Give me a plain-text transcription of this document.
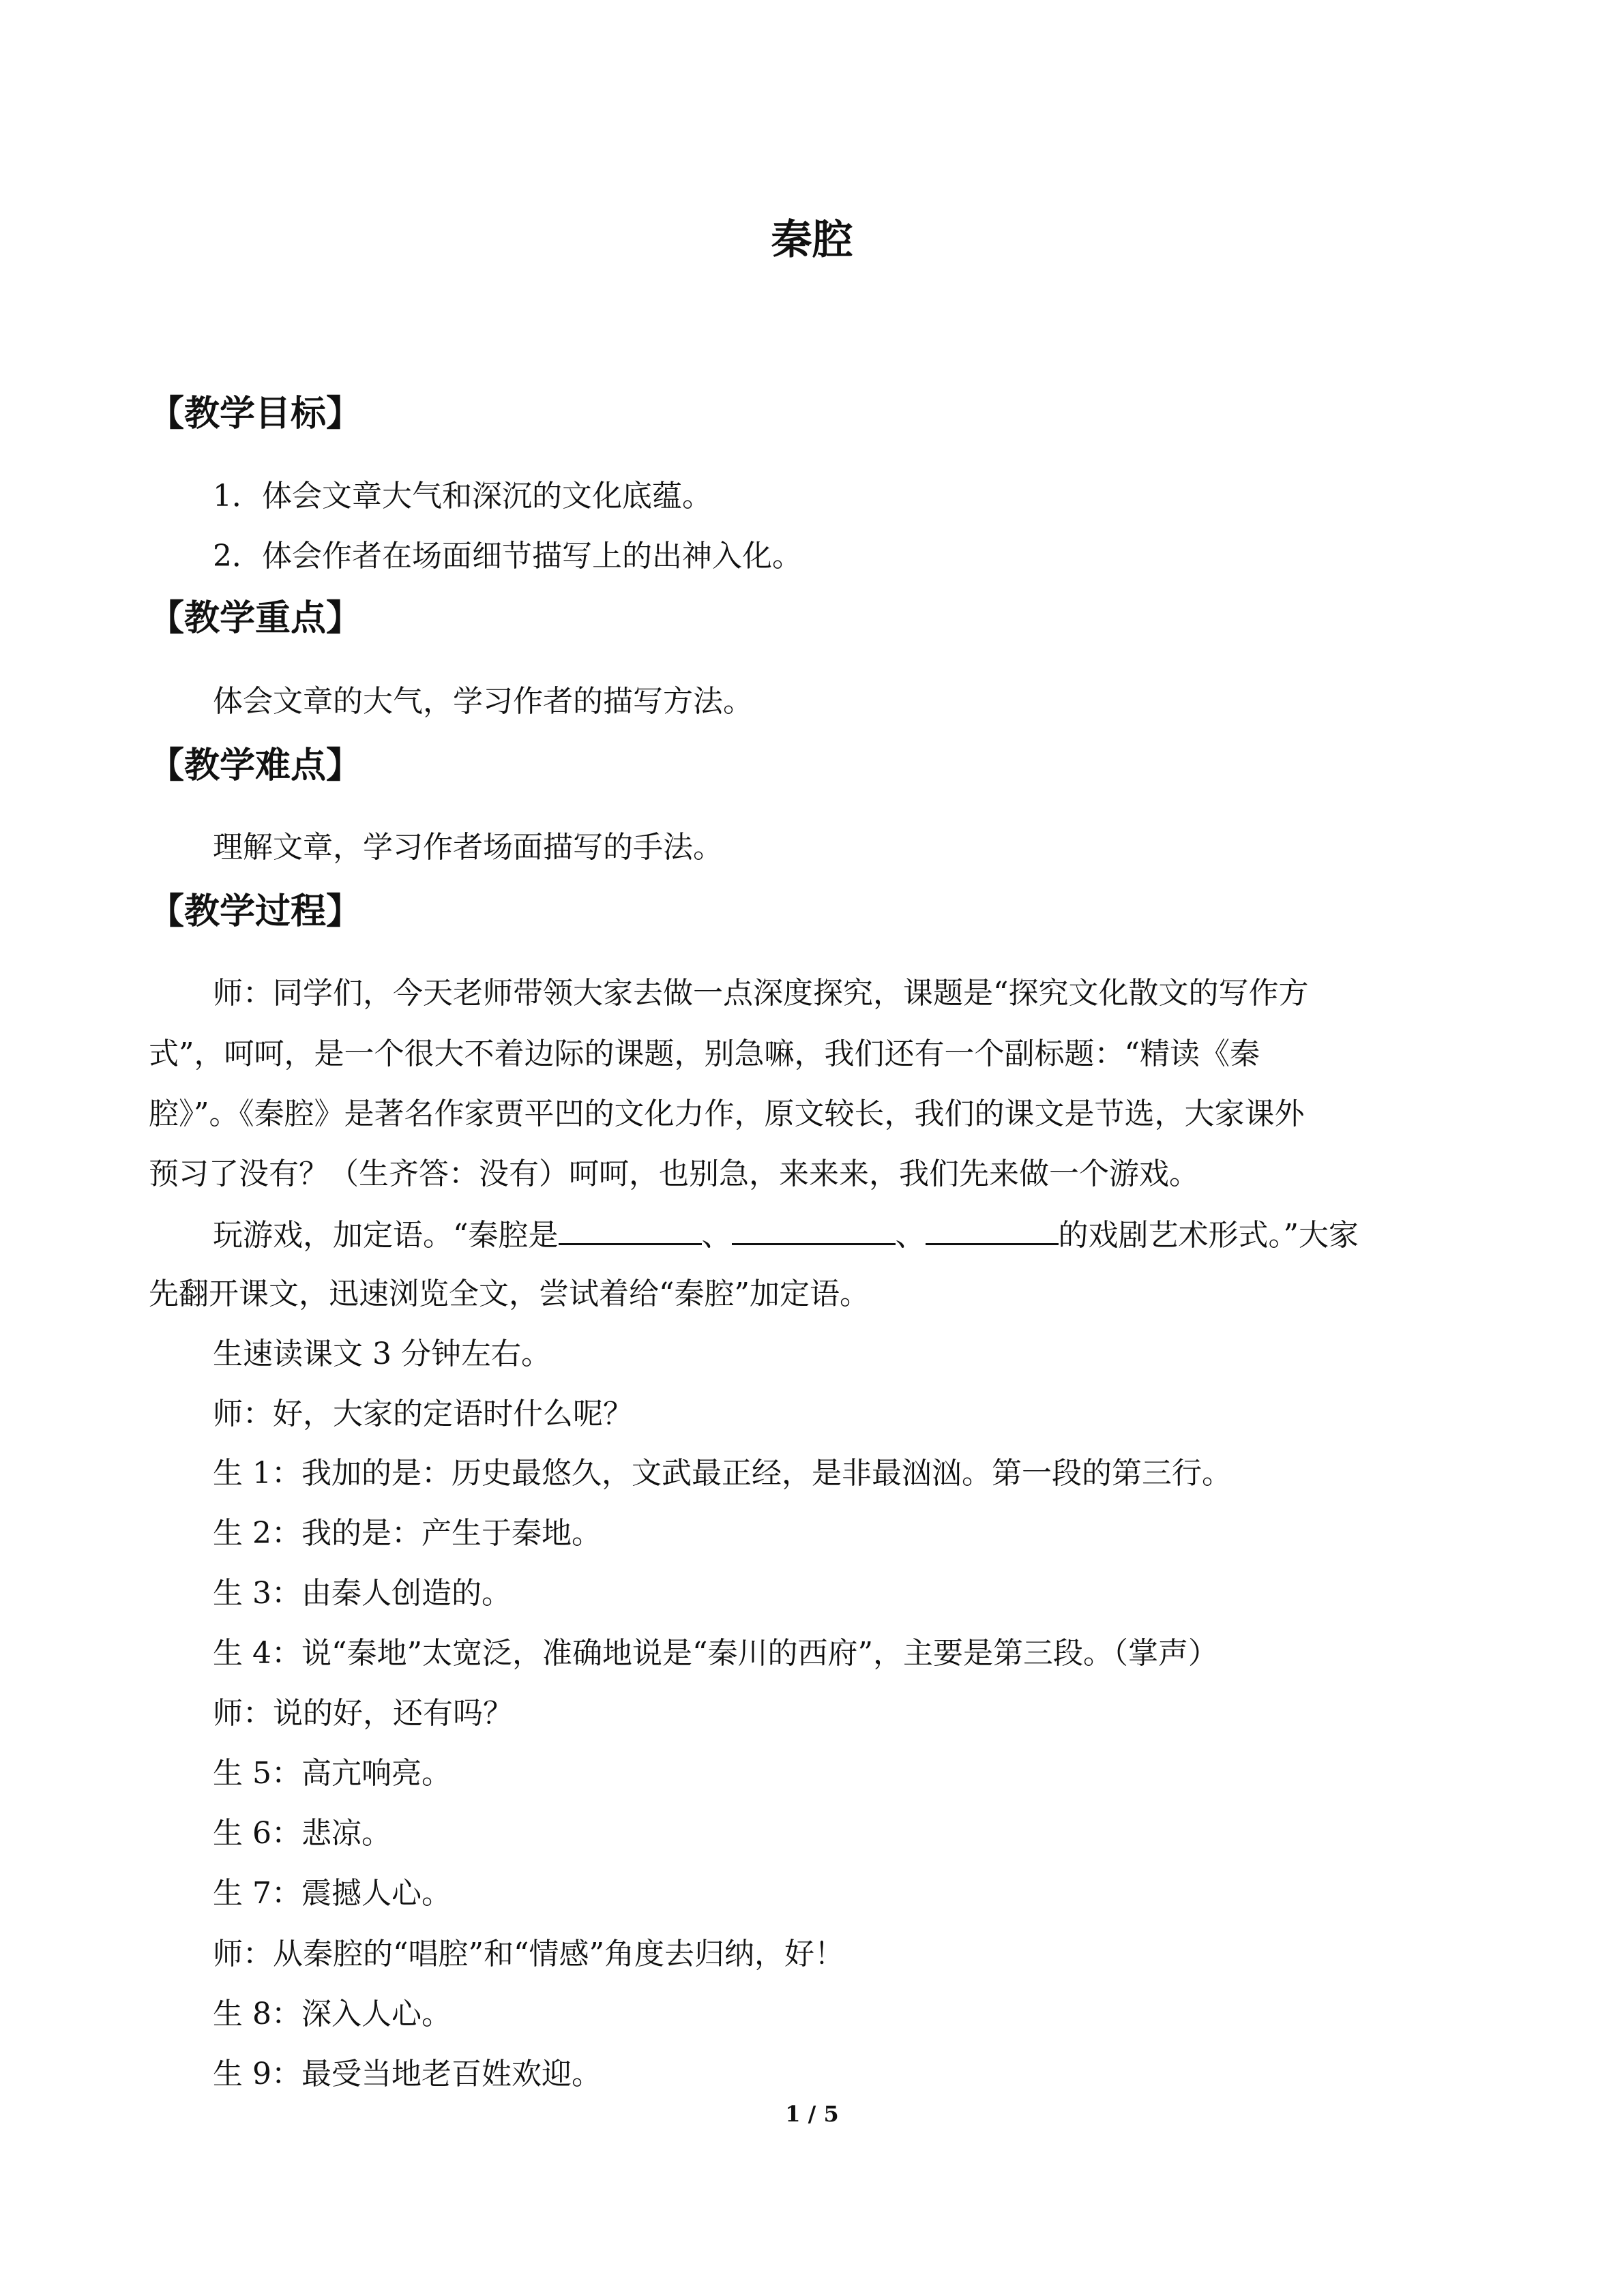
秦腔
【教学目标】
1．体会文章大气和深沉的文化底蕴。
2．体会作者在场面细节描写上的出神入化。
【教学重点】
体会文章的大气，学习作者的描写方法。
【教学难点】
理解文章，学习作者场面描写的手法。
【教学过程】
师：同学们，今天老师带领大家去做一点深度探究，课题是“探究文化散文的写作方
式”，呵呵，是一个很大不着边际的课题，别急嘛，我们还有一个副标题：“精读《秦
腔》”。《秦腔》是著名作家贾平凹的文化力作，原文较长，我们的课文是节选，大家课外
预习了没有？（生齐答：没有）呵呵，也别急，来来来，我们先来做一个游戏。
玩游戏，加定语。“秦腔是	、	、	的戏剧艺术形式。”大家
先翻开课文，迅速浏览全文，尝试着给“秦腔”加定语。
生速读课文 3 分钟左右。
师：好，大家的定语时什么呢？
生 1：我加的是：历史最悠久，文武最正经，是非最汹汹。第一段的第三行。
生 2：我的是：产生于秦地。
生 3：由秦人创造的。
生 4：说“秦地”太宽泛，准确地说是“秦川的西府”，主要是第三段。（掌声）
师：说的好，还有吗？
生 5：高亢响亮。
生 6：悲凉。
生 7：震撼人心。
师：从秦腔的“唱腔”和“情感”角度去归纳，好！
生 8：深入人心。
生 9：最受当地老百姓欢迎。
1 / 5
